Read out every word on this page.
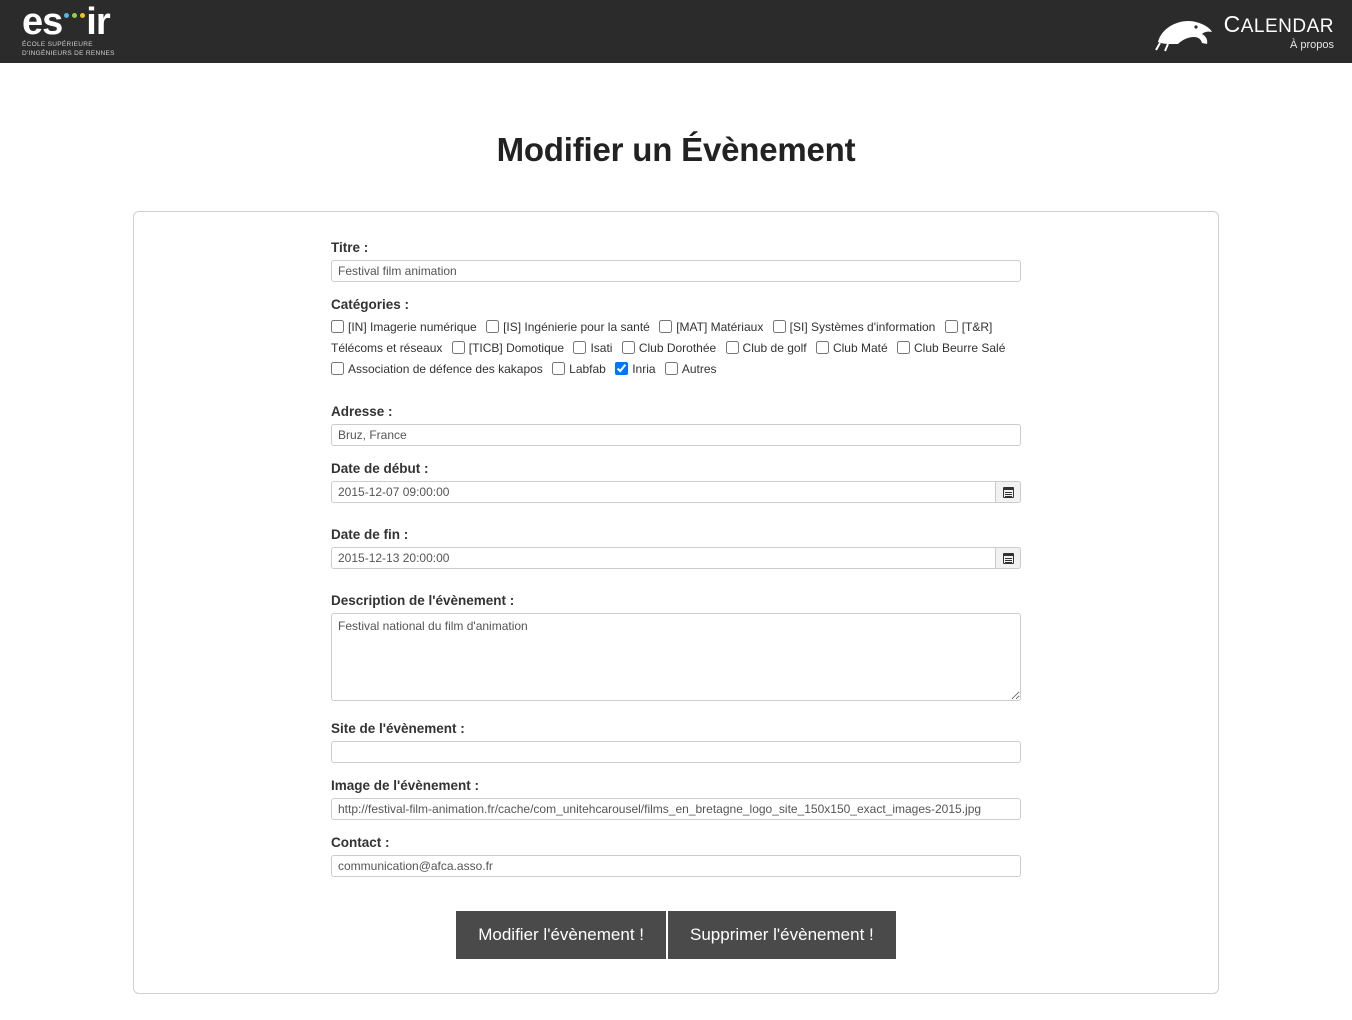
es ir
ÉCOLE SUPÉRIEURE
D'INGÉNIEURS DE RENNES
CALENDAR
À propos
Modifier un Évènement
Titre :
Festival film animation
Catégories :
[IN] Imagerie numérique [IS] Ingénierie pour la santé [MAT] Matériaux [SI] Systèmes d'information [T&R] Télécoms et réseaux [TICB] Domotique Isati Club Dorothée Club de golf Club Maté Club Beurre Salé
Association de défence des kakapos Labfab Inria Autres
Adresse :
Bruz, France
Date de début :
2015-12-07 09:00:00
Date de fin :
2015-12-13 20:00:00
Description de l'évènement :
Festival national du film d'animation
Site de l'évènement :
Image de l'évènement :
http://festival-film-animation.fr/cache/com_unitehcarousel/films_en_bretagne_logo_site_150x150_exact_images-2015.jpg
Contact :
communication@afca.asso.fr
Modifier l'évènement !	Supprimer l'évènement !
